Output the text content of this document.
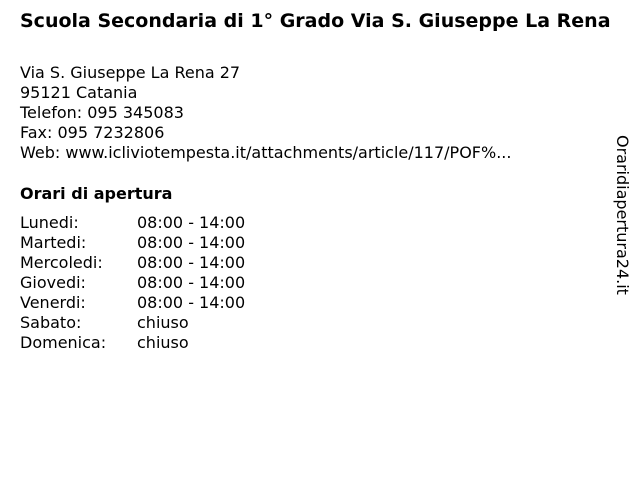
Scuola Secondaria di 1° Grado Via S. Giuseppe La Rena
Via S. Giuseppe La Rena 27
95121 Catania
Telefon: 095 345083
Fax: 095 7232806
Web: www.icliviotempesta.it/attachments/article/117/POF%...
Orari di apertura
Lunedi:	08:00 - 14:00
Martedi:	08:00 - 14:00
Mercoledi: 08:00 - 14:00
Giovedi:	08:00 - 14:00
Venerdi:	08:00 - 14:00
Sabato:	chiuso
Domenica: chiuso
Oraridiapertura24.it
